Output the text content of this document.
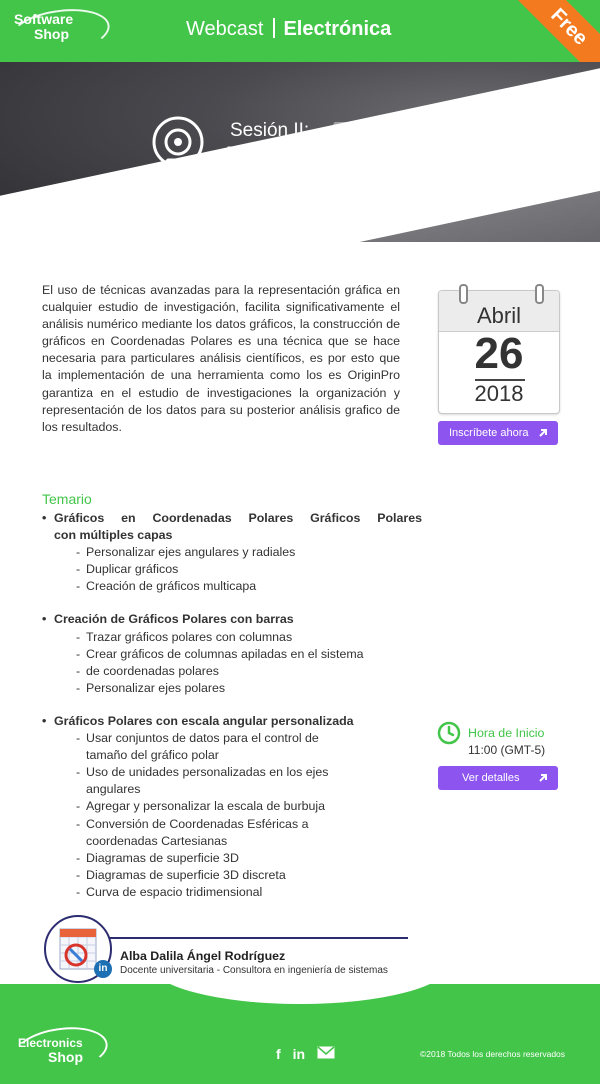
Software
Shop	Webcast Electrónica	Free
Sesión II:
Presentación Gráfica en
Coordenadas Polares
El uso de técnicas avanzadas para la representación gráfica en cualquier estudio de investigación, facilita significativamente el análisis numérico mediante los datos gráficos, la construcción de gráficos en Coordenadas Polares es una técnica que se hace necesaria para particulares análisis científicos, es por esto que la implementación de una herramienta como los es OriginPro garantiza en el estudio de investigaciones la organización y representación de los datos para su posterior análisis grafico de los resultados.
Abril
26
2018
Inscríbete ahora
Temario
• Gráficos en Coordenadas Polares Gráficos Polares
con múltiples capas
- Personalizar ejes angulares y radiales
- Duplicar gráficos
- Creación de gráficos multicapa
• Creación de Gráficos Polares con barras
- Trazar gráficos polares con columnas
- Crear gráficos de columnas apiladas en el sistema
- de coordenadas polares
- Personalizar ejes polares
• Gráficos Polares con escala angular personalizada
- Usar conjuntos de datos para el control de
tamaño del gráfico polar
- Uso de unidades personalizadas en los ejes
angulares
- Agregar y personalizar la escala de burbuja
- Conversión de Coordenadas Esféricas a
coordenadas Cartesianas
- Diagramas de superficie 3D
- Diagramas de superficie 3D discreta
- Curva de espacio tridimensional
Hora de Inicio
11:00 (GMT-5)
Ver detalles
in
Alba Dalila Ángel Rodríguez
Docente universitaria - Consultora en ingeniería de sistemas
Electronics
Shop	f in	©2018 Todos los derechos reservados
